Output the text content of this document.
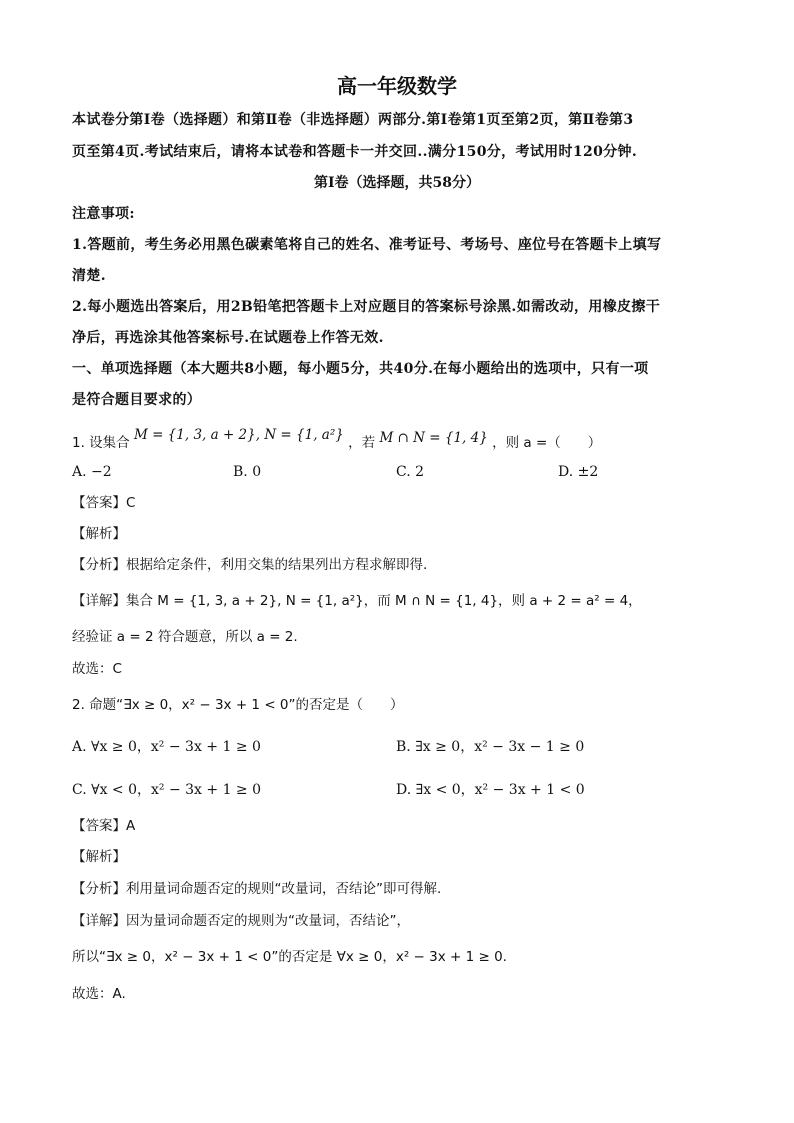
高一年级数学
本试卷分第Ⅰ卷（选择题）和第Ⅱ卷（非选择题）两部分.第Ⅰ卷第1页至第2页，第Ⅱ卷第3
页至第4页.考试结束后，请将本试卷和答题卡一并交回..满分150分，考试用时120分钟.
第Ⅰ卷（选择题，共58分）
注意事项:
1.答题前，考生务必用黑色碳素笔将自己的姓名、准考证号、考场号、座位号在答题卡上填写
清楚.
2.每小题选出答案后，用2B铅笔把答题卡上对应题目的答案标号涂黑.如需改动，用橡皮擦干
净后，再选涂其他答案标号.在试题卷上作答无效.
一、单项选择题（本大题共8小题，每小题5分，共40分.在每小题给出的选项中，只有一项
是符合题目要求的）
1. 设集合 M = {1, 3, a + 2}, N = {1, a²} ，若 M ∩ N = {1, 4} ，则 a =（　　）
A. −2	B. 0	C. 2	D. ±2
【答案】C
【解析】
【分析】根据给定条件，利用交集的结果列出方程求解即得.
【详解】集合 M = {1, 3, a + 2}, N = {1, a²}，而 M ∩ N = {1, 4}，则 a + 2 = a² = 4，
经验证 a = 2 符合题意，所以 a = 2.
故选：C
2. 命题“∃x ≥ 0，x² − 3x + 1 < 0”的否定是（　　）
A. ∀x ≥ 0，x² − 3x + 1 ≥ 0	B. ∃x ≥ 0，x² − 3x − 1 ≥ 0
C. ∀x < 0，x² − 3x + 1 ≥ 0	D. ∃x < 0，x² − 3x + 1 < 0
【答案】A
【解析】
【分析】利用量词命题否定的规则“改量词，否结论”即可得解.
【详解】因为量词命题否定的规则为“改量词，否结论”，
所以“∃x ≥ 0，x² − 3x + 1 < 0”的否定是 ∀x ≥ 0，x² − 3x + 1 ≥ 0.
故选：A.
